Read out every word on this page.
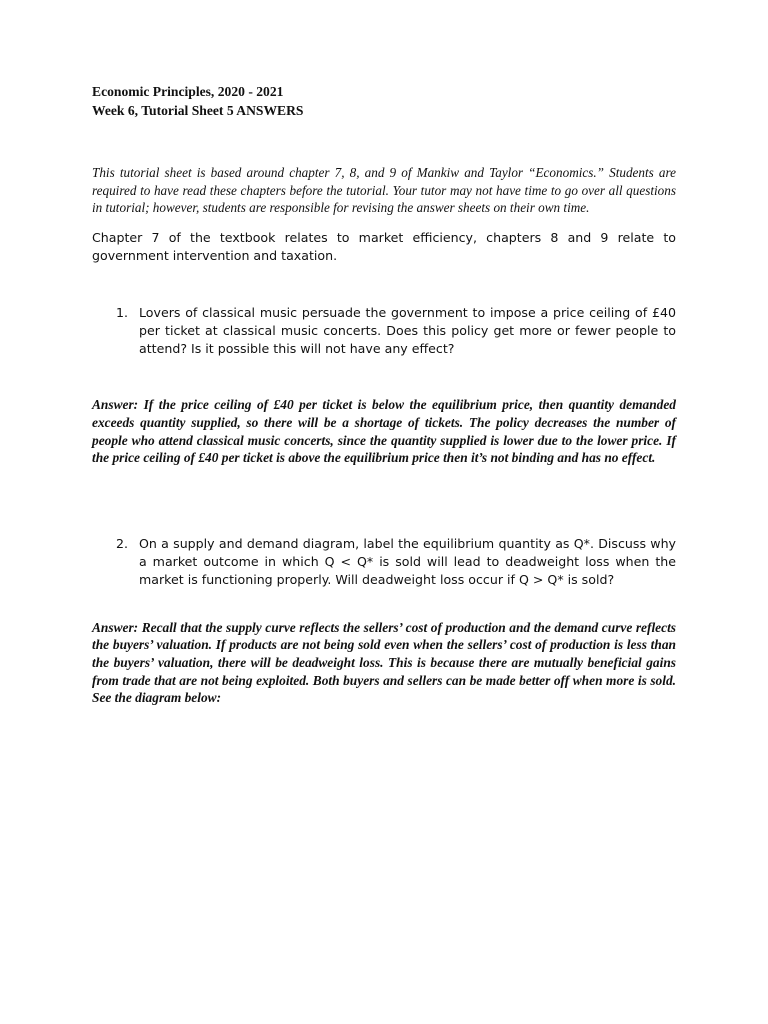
Economic Principles, 2020 - 2021

Week 6, Tutorial Sheet 5 ANSWERS

This tutorial sheet is based around chapter 7, 8, and 9 of Mankiw and Taylor “Economics.” Students are required to have read these chapters before the tutorial. Your tutor may not have time to go over all questions in tutorial; however, students are responsible for revising the answer sheets on their own time.

Chapter 7 of the textbook relates to market efficiency, chapters 8 and 9 relate to government intervention and taxation.

1. Lovers of classical music persuade the government to impose a price ceiling of £40 per ticket at classical music concerts. Does this policy get more or fewer people to attend? Is it possible this will not have any effect?

Answer: If the price ceiling of £40 per ticket is below the equilibrium price, then quantity demanded exceeds quantity supplied, so there will be a shortage of tickets. The policy decreases the number of people who attend classical music concerts, since the quantity supplied is lower due to the lower price. If the price ceiling of £40 per ticket is above the equilibrium price then it’s not binding and has no effect.

2. On a supply and demand diagram, label the equilibrium quantity as Q*. Discuss why a market outcome in which Q < Q* is sold will lead to deadweight loss when the market is functioning properly. Will deadweight loss occur if Q > Q* is sold?

Answer: Recall that the supply curve reflects the sellers’ cost of production and the demand curve reflects the buyers’ valuation. If products are not being sold even when the sellers’ cost of production is less than the buyers’ valuation, there will be deadweight loss. This is because there are mutually beneficial gains from trade that are not being exploited. Both buyers and sellers can be made better off when more is sold. See the diagram below:
